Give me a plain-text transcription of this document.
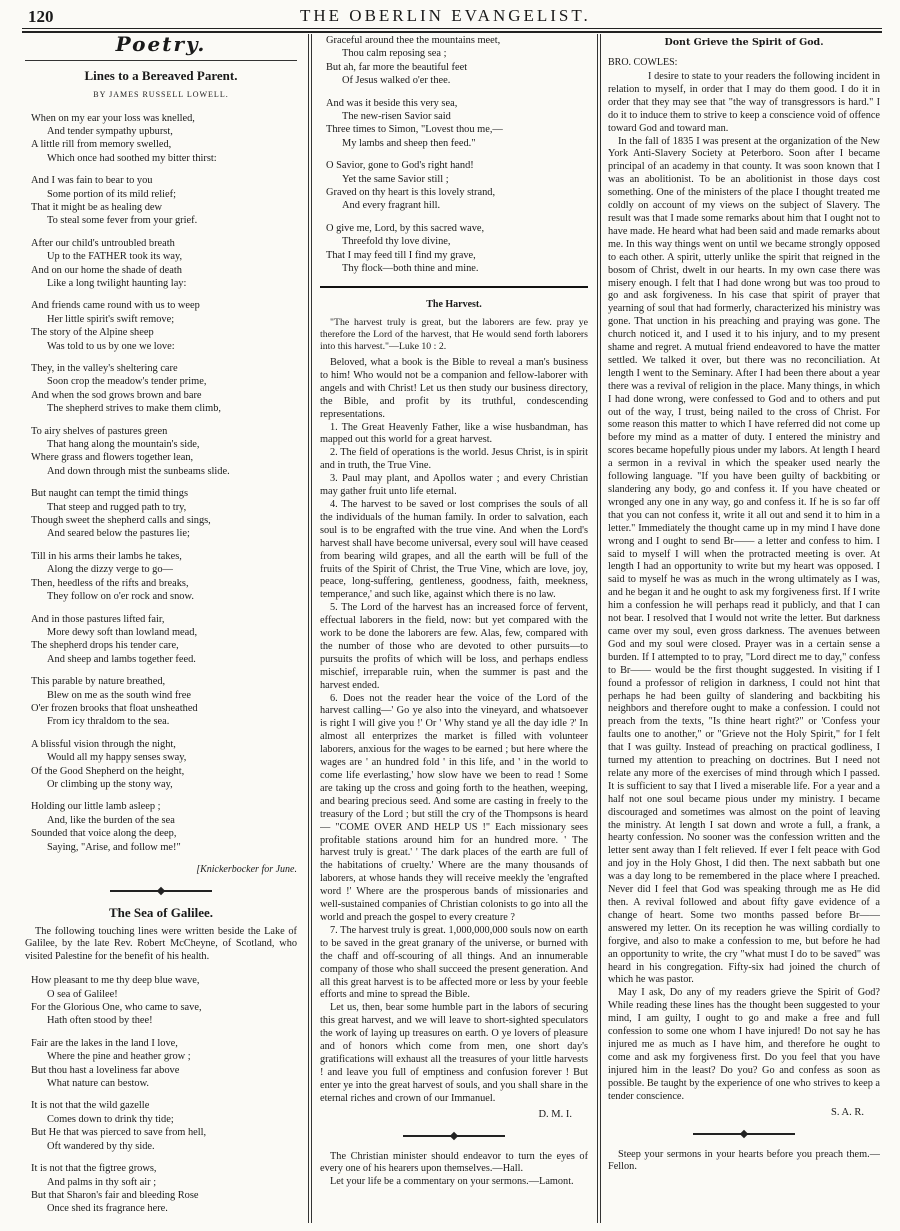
120	THE OBERLIN EVANGELIST.
Poetry.
Lines to a Bereaved Parent.
BY JAMES RUSSELL LOWELL.
When on my ear your loss was knelled,
And tender sympathy upburst,
A little rill from memory swelled,
Which once had soothed my bitter thirst:
And I was fain to bear to you
Some portion of its mild relief;
That it might be as healing dew
To steal some fever from your grief.
After our child's untroubled breath
Up to the FATHER took its way,
And on our home the shade of death
Like a long twilight haunting lay:
And friends came round with us to weep
Her little spirit's swift remove;
The story of the Alpine sheep
Was told to us by one we love:
They, in the valley's sheltering care
Soon crop the meadow's tender prime,
And when the sod grows brown and bare
The shepherd strives to make them climb,
To airy shelves of pastures green
That hang along the mountain's side,
Where grass and flowers together lean,
And down through mist the sunbeams slide.
But naught can tempt the timid things
That steep and rugged path to try,
Though sweet the shepherd calls and sings,
And seared below the pastures lie;
Till in his arms their lambs he takes,
Along the dizzy verge to go—
Then, heedless of the rifts and breaks,
They follow on o'er rock and snow.
And in those pastures lifted fair,
More dewy soft than lowland mead,
The shepherd drops his tender care,
And sheep and lambs together feed.
This parable by nature breathed,
Blew on me as the south wind free
O'er frozen brooks that float unsheathed
From icy thraldom to the sea.
A blissful vision through the night,
Would all my happy senses sway,
Of the Good Shepherd on the height,
Or climbing up the stony way,
Holding our little lamb asleep ;
And, like the burden of the sea
Sounded that voice along the deep,
Saying, "Arise, and follow me!"
[Knickerbocker for June.
The Sea of Galilee.

The following touching lines were written beside the Lake of Galilee, by the late Rev. Robert McCheyne, of Scotland, who visited Palestine for the benefit of his health.

How pleasant to me thy deep blue wave,
O sea of Galilee!
For the Glorious One, who came to save,
Hath often stood by thee!
Fair are the lakes in the land I love,
Where the pine and heather grow ;
But thou hast a loveliness far above
What nature can bestow.
It is not that the wild gazelle
Comes down to drink thy tide;
But He that was pierced to save from hell,
Oft wandered by thy side.
It is not that the figtree grows,
And palms in thy soft air ;
But that Sharon's fair and bleeding Rose
Once shed its fragrance here.
Graceful around thee the mountains meet,
Thou calm reposing sea ;
But ah, far more the beautiful feet
Of Jesus walked o'er thee.
And was it beside this very sea,
The new-risen Savior said
Three times to Simon, "Lovest thou me,—
My lambs and sheep then feed."
O Savior, gone to God's right hand!
Yet the same Savior still ;
Graved on thy heart is this lovely strand,
And every fragrant hill.
O give me, Lord, by this sacred wave,
Threefold thy love divine,
That I may feed till I find my grave,
Thy flock—both thine and mine.
The Harvest.

"The harvest truly is great, but the laborers are few. pray ye therefore the Lord of the harvest, that He would send forth laborers into this harvest."—Luke 10 : 2.

Beloved, what a book is the Bible to reveal a man's business to him! Who would not be a companion and fellow-laborer with angels and with Christ! Let us then study our business directory, the Bible, and profit by its truthful, condescending representations.

1. The Great Heavenly Father, like a wise husbandman, has mapped out this world for a great harvest.

2. The field of operations is the world. Jesus Christ, is in spirit and in truth, the True Vine.

3. Paul may plant, and Apollos water ; and every Christian may gather fruit unto life eternal.

4. The harvest to be saved or lost comprises the souls of all the individuals of the human family. In order to salvation, each soul is to be engrafted with the true vine. And when the Lord's harvest shall have become universal, every soul will have ceased from bearing wild grapes, and all the earth will be full of the fruits of the Spirit of Christ, the True Vine, which are love, joy, peace, long-suffering, gentleness, goodness, faith, meekness, temperance,' and such like, against which there is no law.

5. The Lord of the harvest has an increased force of fervent, effectual laborers in the field, now: but yet compared with the work to be done the laborers are few. Alas, few, compared with the number of those who are devoted to other pursuits—to pursuits the profits of which will be loss, and perhaps endless mischief, irreparable ruin, when the summer is past and the harvest ended.

6. Does not the reader hear the voice of the Lord of the harvest calling—' Go ye also into the vineyard, and whatsoever is right I will give you !' Or ' Why stand ye all the day idle ?' In almost all enterprizes the market is filled with volunteer laborers, anxious for the wages to be earned ; but here where the wages are ' an hundred fold ' in this life, and ' in the world to come life everlasting,' how slow have we been to read ! Some are taking up the cross and going forth to the heathen, weeping, and bearing precious seed. And some are casting in freely to the treasury of the Lord ; but still the cry of the Thompsons is heard — "COME OVER AND HELP US !" Each missionary sees profitable stations around him for an hundred more. ' The harvest truly is great.' ' The dark places of the earth are full of the habitations of cruelty.' Where are the many thousands of laborers, at whose hands they will receive meekly the 'engrafted word !' Where are the prosperous bands of missionaries and well-sustained companies of Christian colonists to go into all the world and preach the gospel to every creature ?

7. The harvest truly is great. 1,000,000,000 souls now on earth to be saved in the great granary of the universe, or burned with the chaff and off-scouring of all things. And an innumerable company of those who shall succeed the present generation. And all this great harvest is to be affected more or less by your feeble efforts and mine to spread the Bible.

Let us, then, bear some humble part in the labors of securing this great harvest, and we will leave to short-sighted speculators the work of laying up treasures on earth. O ye lovers of pleasure and of honors which come from men, one short day's gratifications will exhaust all the treasures of your little harvests ! and leave you full of emptiness and confusion forever ! But enter ye into the great harvest of souls, and you shall share in the eternal riches and crown of our Immanuel.

D. M. I.

The Christian minister should endeavor to turn the eyes of every one of his hearers upon themselves.—Hall.

Let your life be a commentary on your sermons.—Lamont.

Dont Grieve the Spirit of God.
BRO. COWLES:

I desire to state to your readers the following incident in relation to myself, in order that I may do them good. I do it in order that they may see that "the way of transgressors is hard." I do it to induce them to strive to keep a conscience void of offence toward God and toward man.

In the fall of 1835 I was present at the organization of the New York Anti-Slavery Society at Peterboro. Soon after I became principal of an academy in that county. It was soon known that I was an abolitionist. To be an abolitionist in those days cost something. One of the ministers of the place I thought treated me coldly on account of my views on the subject of Slavery. The result was that I made some remarks about him that I ought not to have made. He heard what had been said and made remarks about me. In this way things went on until we became strongly opposed to each other. A spirit, utterly unlike the spirit that reigned in the bosom of Christ, dwelt in our hearts. In my own case there was misery enough. I felt that I had done wrong but was too proud to go and ask forgiveness. In his case that spirit of prayer that yearning of soul that had formerly, characterized his ministry was gone. That unction in his preaching and praying was gone. The church noticed it, and I used it to his injury, and to my present shame and regret. A mutual friend endeavored to have the matter settled. We talked it over, but there was no reconciliation. At length I went to the Seminary. After I had been there about a year there was a revival of religion in the place. Many things, in which I had done wrong, were confessed to God and to others and put out of the way, I trust, being nailed to the cross of Christ. For some reason this matter to which I have referred did not come up before my mind as a matter of duty. I entered the ministry and scores became hopefully pious under my labors. At length I heard a sermon in a revival in which the speaker used nearly the following language. "If you have been guilty of backbiting or slandering any body, go and confess it. If you have cheated or wronged any one in any way, go and confess it. If he is so far off that you can not confess it, write it all out and send it to him in a letter." Immediately the thought came up in my mind I have done wrong and I ought to send Br—— a letter and confess to him. I said to myself I will when the protracted meeting is over. At length I had an opportunity to write but my heart was opposed. I said to myself he was as much in the wrong ultimately as I was, and he began it and he ought to ask my forgiveness first. If I write him a confession he will perhaps read it publicly, and that I can not bear. I resolved that I would not write the letter. But darkness came over my soul, even gross darkness. The avenues between God and my soul were closed. Prayer was in a certain sense a burden. If I attempted to to pray, "Lord direct me to day," confess to Br—— would be the first thought suggested. In visiting if I found a professor of religion in darkness, I could not hint that perhaps he had been guilty of slandering and backbiting his neighbors and therefore ought to make a confession. I could not preach from the texts, "Is thine heart right?" or 'Confess your faults one to another," or "Grieve not the Holy Spirit," for I felt that I was guilty. Instead of preaching on practical godliness, I turned my attention to preaching on doctrines. But I need not relate any more of the exercises of mind through which I passed. It is sufficient to say that I lived a miserable life. For a year and a half not one soul became pious under my ministry. I became discouraged and sometimes was almost on the point of leaving the ministry. At length I sat down and wrote a full, a frank, a hearty confession. No sooner was the confession written and the letter sent away than I felt relieved. If ever I felt peace with God and joy in the Holy Ghost, I did then. The next sabbath but one was a day long to be remembered in the place where I preached. Never did I feel that God was speaking through me as He did then. A revival followed and about fifty gave evidence of a change of heart. Some two months passed before Br—— answered my letter. On its reception he was willing cordially to forgive, and also to make a confession to me, but before he had an opportunity to write, the cry "what must I do to be saved" was heard in his congregation. Fifty-six had joined the church of which he was pastor.

May I ask, Do any of my readers grieve the Spirit of God? While reading these lines has the thought been suggested to your mind, I am guilty, I ought to go and make a free and full confession to some one whom I have injured! Do not say he has injured me as much as I have him, and therefore he ought to come and ask my forgiveness first. Do you feel that you have injured him in the least? Do you? Go and confess as soon as possible. Be taught by the experience of one who strives to keep a tender conscience.

S. A. R.

Steep your sermons in your hearts before you preach them.—Fellon.
